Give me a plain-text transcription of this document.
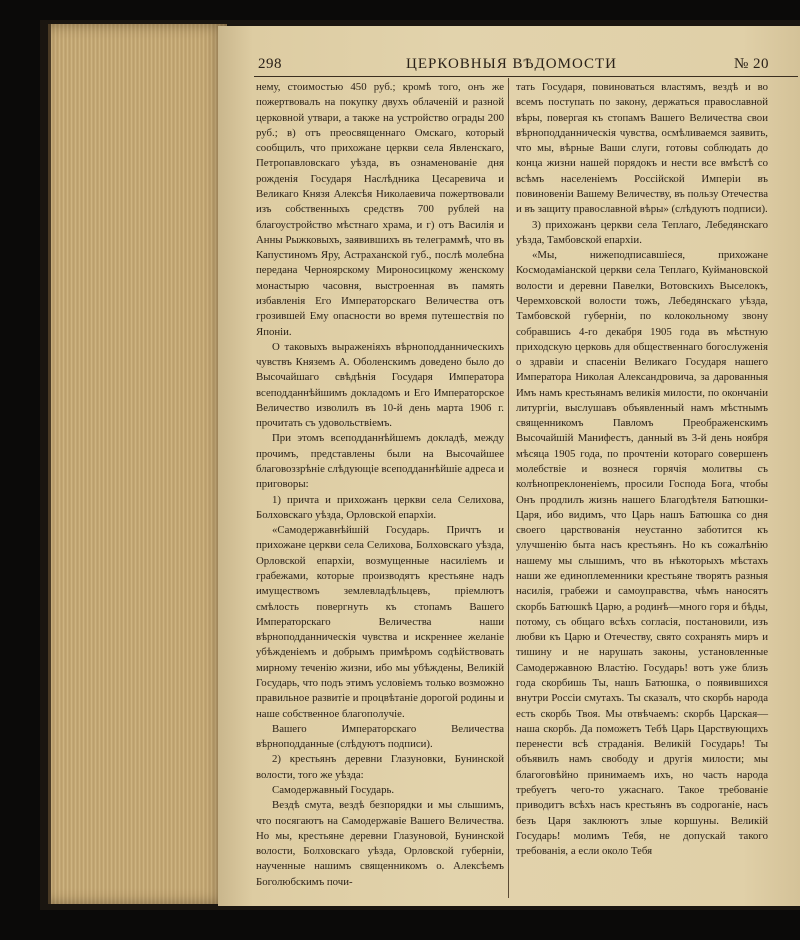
298	ЦЕРКОВНЫЯ ВѢДОМОСТИ	№ 20

нему, стоимостью 450 руб.; кромѣ того, онъ же пожертвовалъ на покупку двухъ облаченій и разной церковной утвари, а также на устройство ограды 200 руб.; в) отъ преосвященнаго Омскаго, который сообщилъ, что прихожане церкви села Явленскаго, Петропавловскаго уѣзда, въ ознаменованіе дня рожденія Государя Наслѣдника Цесаревича и Великаго Князя Алексѣя Николаевича пожертвовали изъ собственныхъ средствъ 700 рублей на благоустройство мѣстнаго храма, и г) отъ Василія и Анны Рыжковыхъ, заявившихъ въ телеграммѣ, что въ Капустиномъ Яру, Астраханской губ., послѣ молебна передана Черноярскому Мироносицкому женскому монастырю часовня, выстроенная въ память избавленія Его Императорскаго Величества отъ грозившей Ему опасности во время путешествія по Японіи.

О таковыхъ выраженіяхъ вѣрноподданническихъ чувствъ Княземъ А. Оболенскимъ доведено было до Высочайшаго свѣдѣнія Государя Императора всеподданнѣйшимъ докладомъ и Его Императорское Величество изволилъ въ 10-й день марта 1906 г. прочитать съ удовольствіемъ.

При этомъ всеподданнѣйшемъ докладѣ, между прочимъ, представлены были на Высочайшее благовоззрѣніе слѣдующіе всеподданнѣйшіе адреса и приговоры:

1) причта и прихожанъ церкви села Селихова, Болховскаго уѣзда, Орловской епархіи.

«Самодержавнѣйшій Государь. Причтъ и прихожане церкви села Селихова, Болховскаго уѣзда, Орловской епархіи, возмущенные насиліемъ и грабежами, которые производятъ крестьяне надъ имуществомъ землевладѣльцевъ, пріемлютъ смѣлость повергнуть къ стопамъ Вашего Императорскаго Величества наши вѣрноподданническія чувства и искреннее желаніе убѣжденіемъ и добрымъ примѣромъ содѣйствовать мирному теченію жизни, ибо мы убѣждены, Великій Государь, что подъ этимъ условіемъ только возможно правильное развитіе и процвѣтаніе дорогой родины и наше собственное благополучіе.

Вашего Императорскаго Величества вѣрноподданные (слѣдуютъ подписи).

2) крестьянъ деревни Глазуновки, Бунинской волости, того же уѣзда:

Самодержавный Государь.

Вездѣ смута, вездѣ безпорядки и мы слышимъ, что посягаютъ на Самодержавіе Вашего Величества. Но мы, крестьяне деревни Глазуновой, Бунинской волости, Болховскаго уѣзда, Орловской губерніи, наученные нашимъ священникомъ о. Алексѣемъ Боголюбскимъ почи-

тать Государя, повиноваться властямъ, вездѣ и во всемъ поступать по закону, держаться православной вѣры, повергая къ стопамъ Вашего Величества свои вѣрноподданническія чувства, осмѣливаемся заявить, что мы, вѣрные Ваши слуги, готовы соблюдать до конца жизни нашей порядокъ и нести все вмѣстѣ со всѣмъ населеніемъ Россійской Имперіи въ повиновеніи Вашему Величеству, въ пользу Отечества и въ защиту православной вѣры» (слѣдуютъ подписи).

3) прихожанъ церкви села Теплаго, Лебедянскаго уѣзда, Тамбовской епархіи.

«Мы, нижеподписавшіеся, прихожане Космодаміанской церкви села Теплаго, Куймановской волости и деревни Павелки, Вотовскихъ Выселокъ, Черемховской волости тожъ, Лебедянскаго уѣзда, Тамбовской губерніи, по колокольному звону собравшись 4-го декабря 1905 года въ мѣстную приходскую церковь для общественнаго богослуженія о здравіи и спасеніи Великаго Государя нашего Императора Николая Александровича, за дарованныя Имъ намъ крестьянамъ великія милости, по окончаніи литургіи, выслушавъ объявленный намъ мѣстнымъ священникомъ Павломъ Преображенскимъ Высочайшій Манифестъ, данный въ 3-й день ноября мѣсяца 1905 года, по прочтеніи котораго совершенъ молебствіе и вознеся горячія молитвы съ колѣнопреклоненіемъ, просили Господа Бога, чтобы Онъ продлилъ жизнь нашего Благодѣтеля Батюшки-Царя, ибо видимъ, что Царь нашъ Батюшка со дня своего царствованія неустанно заботится къ улучшенію быта насъ крестьянъ. Но къ сожалѣнію нашему мы слышимъ, что въ нѣкоторыхъ мѣстахъ наши же единоплеменники крестьяне творятъ разныя насилія, грабежи и самоуправства, чѣмъ наносятъ скорбь Батюшкѣ Царю, а родинѣ—много горя и бѣды, потому, съ общаго всѣхъ согласія, постановили, изъ любви къ Царю и Отечеству, свято сохранять миръ и тишину и не нарушать законы, установленные Самодержавною Властію. Государь! вотъ уже близъ года скорбишь Ты, нашъ Батюшка, о появившихся внутри Россіи смутахъ. Ты сказалъ, что скорбь народа есть скорбь Твоя. Мы отвѣчаемъ: скорбь Царская—наша скорбь. Да поможетъ Тебѣ Царь Царствующихъ перенести всѣ страданія. Великій Государь! Ты объявилъ намъ свободу и другія милости; мы благоговѣйно принимаемъ ихъ, но часть народа требуетъ чего-то ужаснаго. Такое требованіе приводитъ всѣхъ насъ крестьянъ въ содроганіе, насъ безъ Царя заклюютъ злые коршуны. Великій Государь! молимъ Тебя, не допускай такого требованія, а если около Тебя
